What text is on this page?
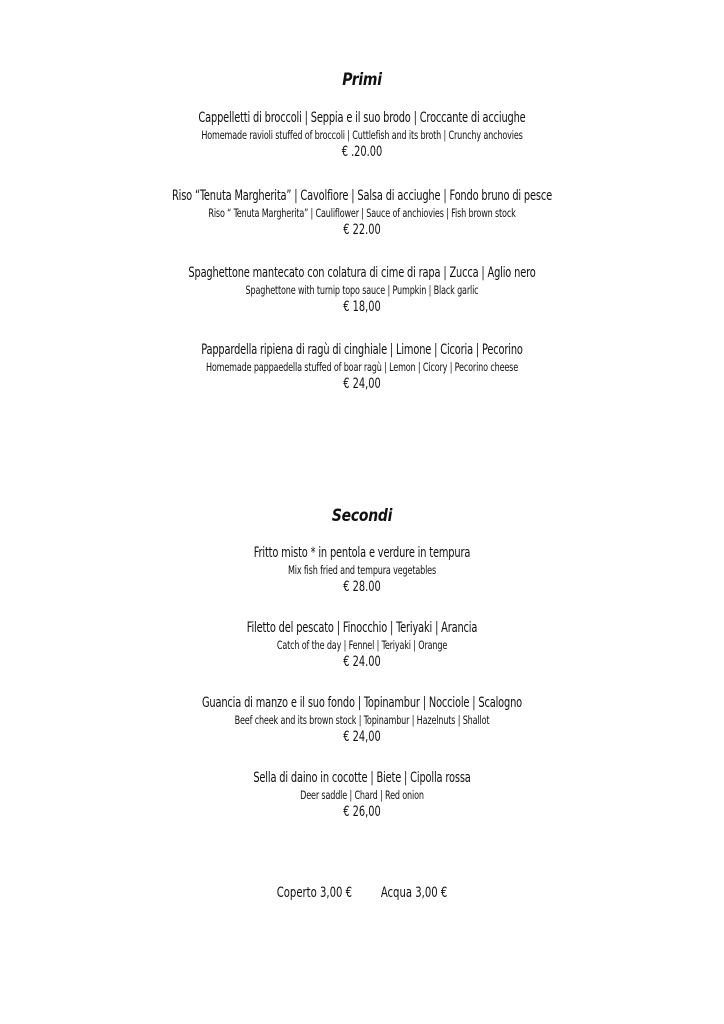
Primi
Cappelletti di broccoli | Seppia e il suo brodo | Croccante di acciughe
Homemade ravioli stuffed of broccoli | Cuttlefish and its broth | Crunchy anchovies
€ .20.00
Riso “Tenuta Margherita” | Cavolfiore | Salsa di acciughe | Fondo bruno di pesce
Riso “ Tenuta Margherita” | Cauliflower | Sauce of anchiovies | Fish brown stock
€ 22.00
Spaghettone mantecato con colatura di cime di rapa | Zucca | Aglio nero
Spaghettone with turnip topo sauce | Pumpkin | Black garlic
€ 18,00
Pappardella ripiena di ragù di cinghiale | Limone | Cicoria | Pecorino
Homemade pappaedella stuffed of boar ragù | Lemon | Cicory | Pecorino cheese
€ 24,00
Secondi
Fritto misto * in pentola e verdure in tempura
Mix fish fried and tempura vegetables
€ 28.00
Filetto del pescato | Finocchio | Teriyaki | Arancia
Catch of the day | Fennel | Teriyaki | Orange
€ 24.00
Guancia di manzo e il suo fondo | Topinambur | Nocciole | Scalogno
Beef cheek and its brown stock | Topinambur | Hazelnuts | Shallot
€ 24,00
Sella di daino in cocotte | Biete | Cipolla rossa
Deer saddle | Chard | Red onion
€ 26,00
Coperto 3,00 € Acqua 3,00 €
